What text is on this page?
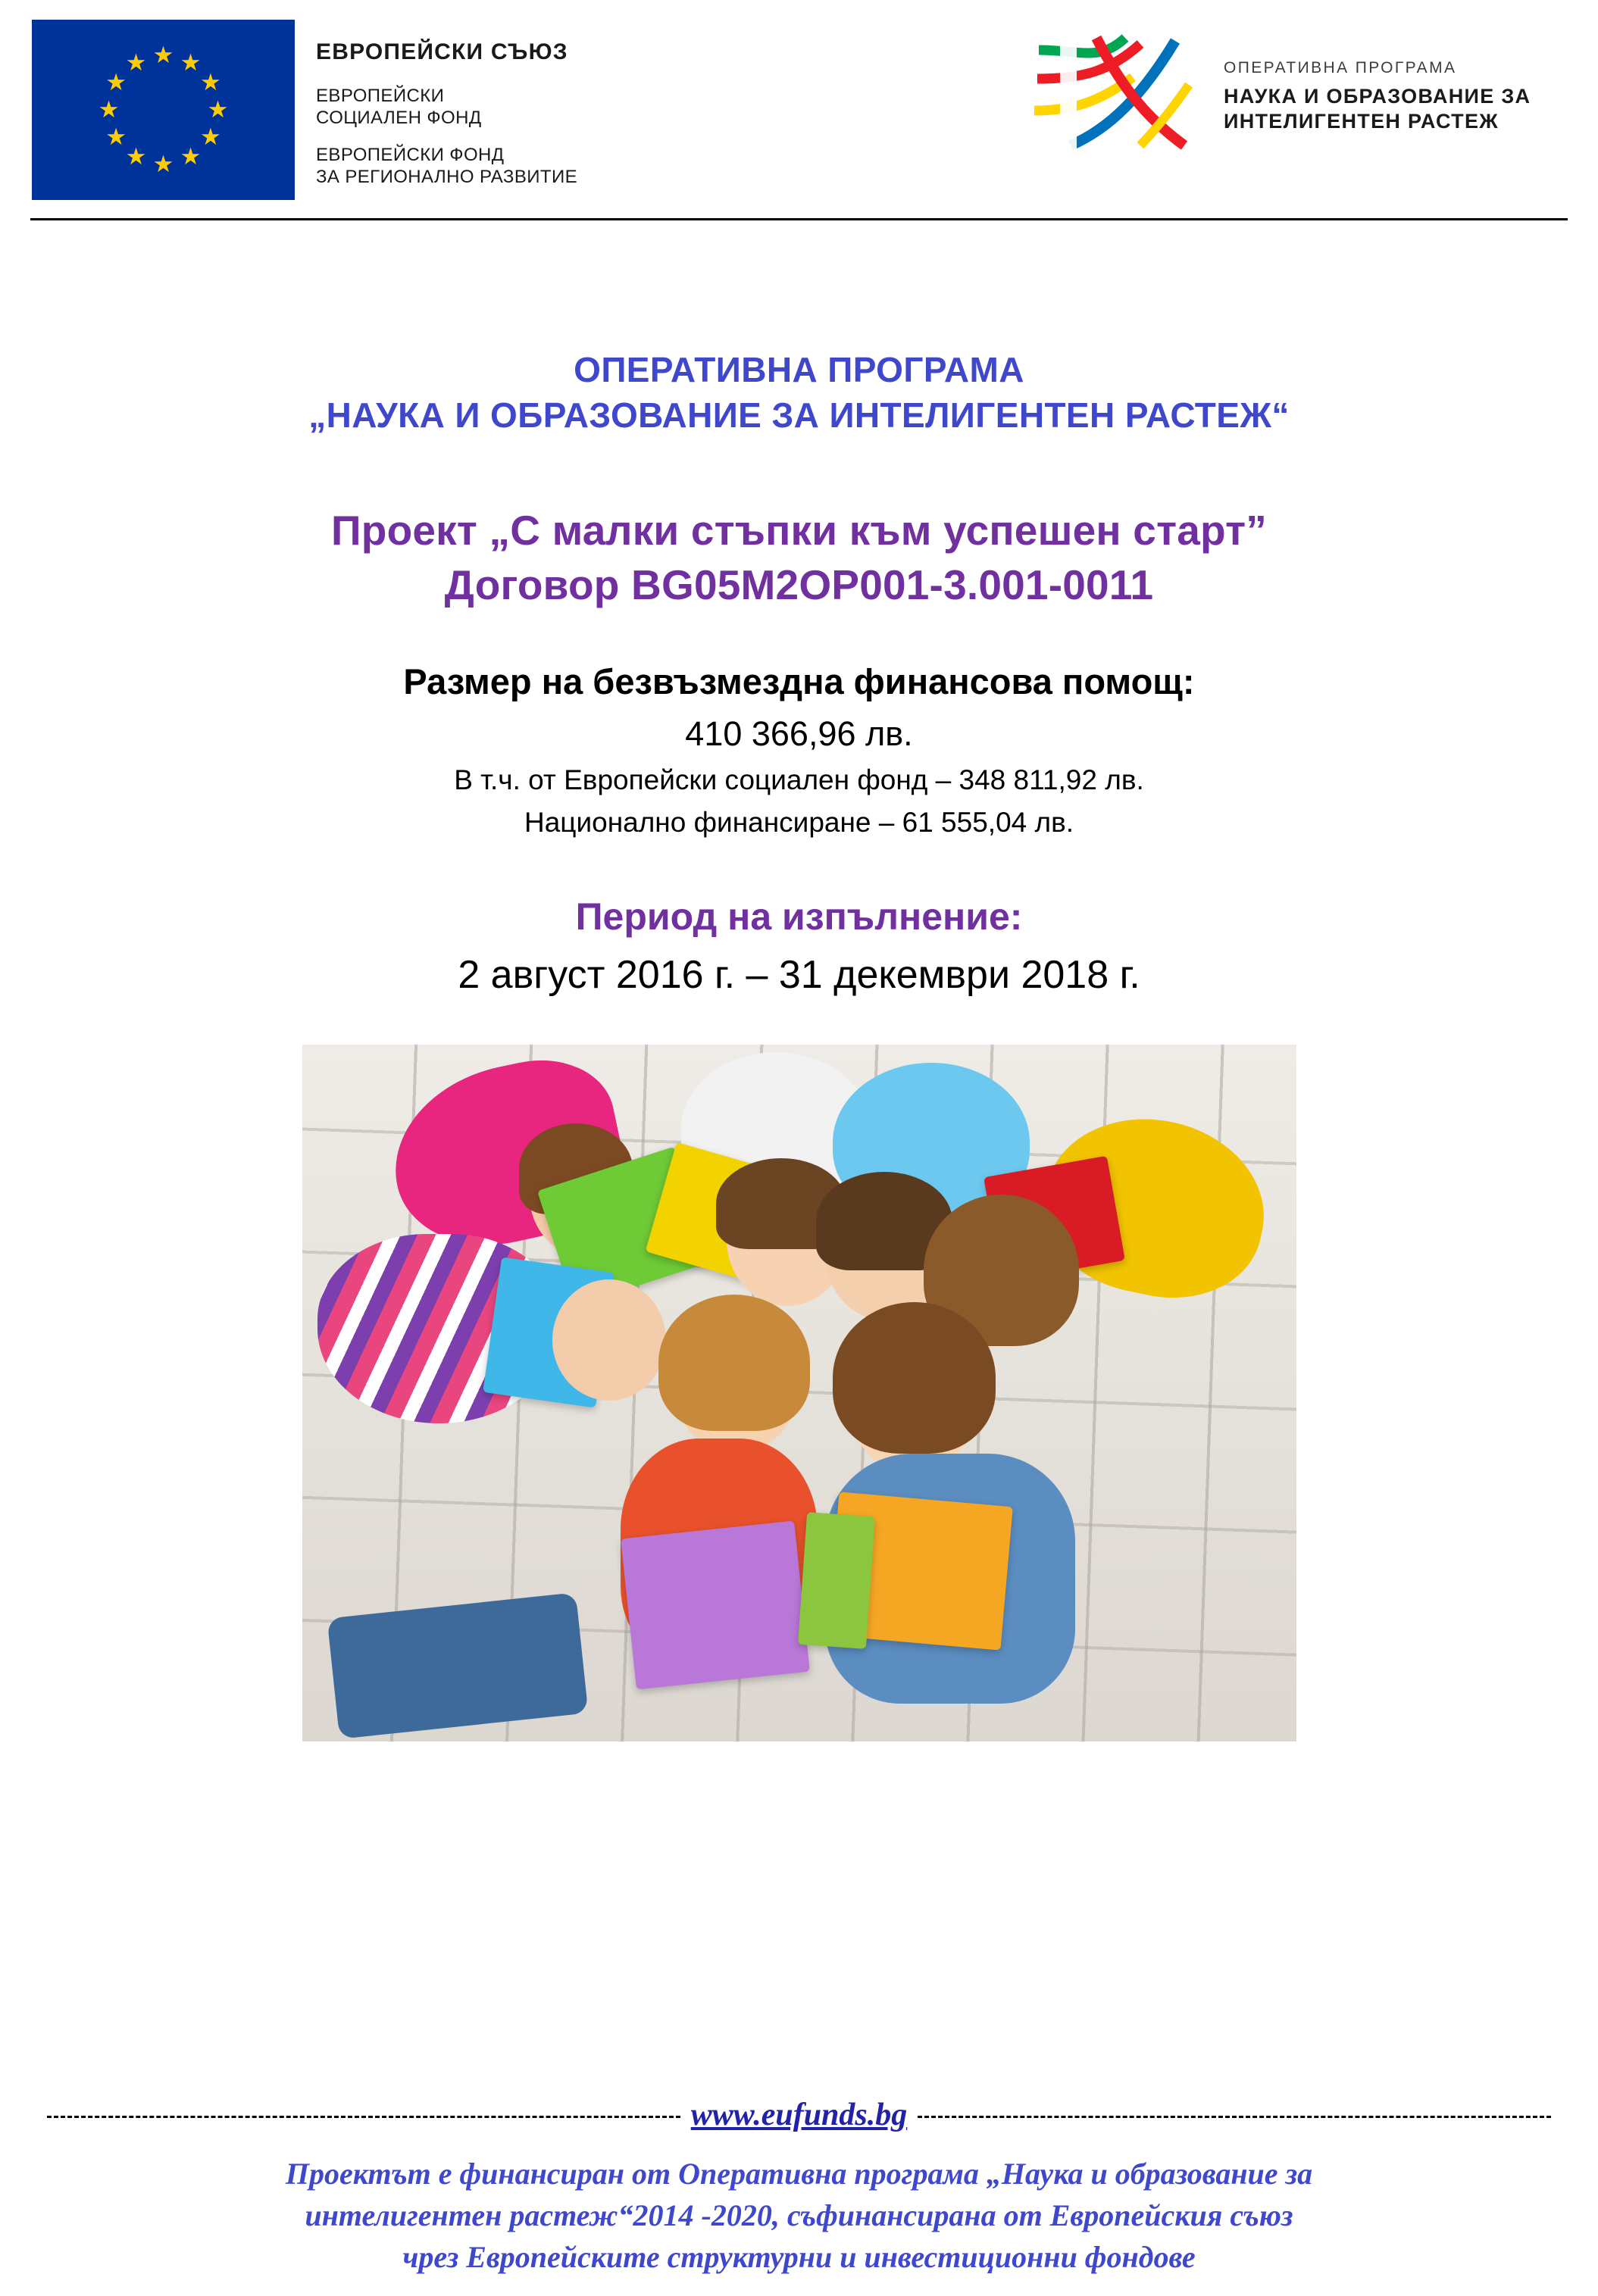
★ ★
★
★
★
★
★
★
★
★
★
★	ЕВРОПЕЙСКИ СЪЮЗ
ЕВРОПЕЙСКИ
СОЦИАЛЕН ФОНД
ЕВРОПЕЙСКИ ФОНД
ЗА РЕГИОНАЛНО РАЗВИТИЕ
ОПЕРАТИВНА ПРОГРАМА
НАУКА И ОБРАЗОВАНИЕ ЗА
ИНТЕЛИГЕНТЕН РАСТЕЖ
ОПЕРАТИВНА ПРОГРАМА
„НАУКА И ОБРАЗОВАНИЕ ЗА ИНТЕЛИГЕНТЕН РАСТЕЖ“
Проект „С малки стъпки към успешен старт”
Договор BG05M2OP001-3.001-0011
Размер на безвъзмездна финансова помощ:
410 366,96 лв.
В т.ч. от Европейски социален фонд – 348 811,92 лв.
Национално финансиране – 61 555,04 лв.
Период на изпълнение:
2 август 2016 г. – 31 декември 2018 г.
www.eufunds.bg
Проектът е финансиран от Оперативна програма „Наука и образование за
интелигентен растеж“2014 -2020, съфинансирана от Европейския съюз
чрез Европейските структурни и инвестиционни фондове
